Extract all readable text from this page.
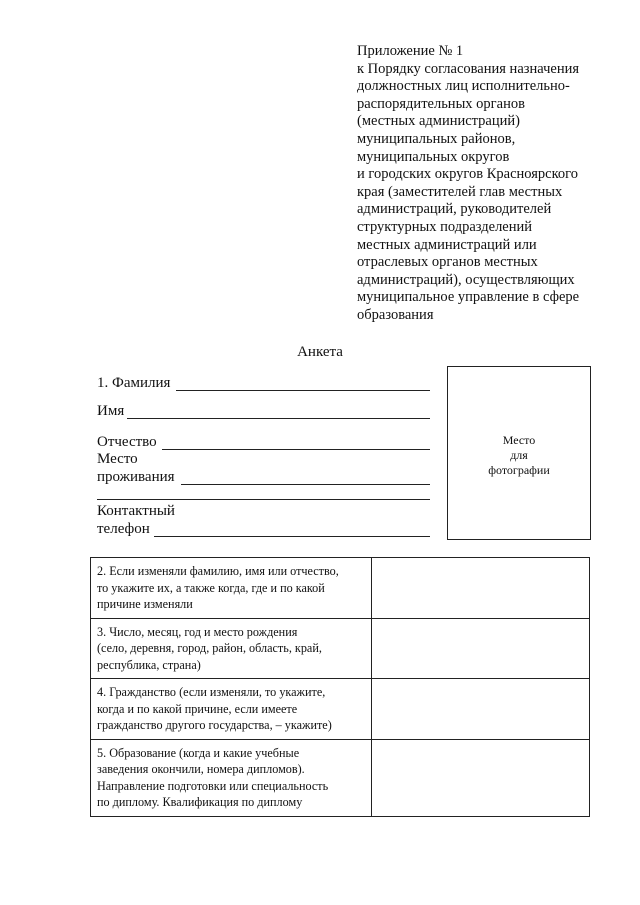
Приложение № 1
к Порядку согласования назначения
должностных лиц исполнительно-
распорядительных органов
(местных администраций)
муниципальных районов,
муниципальных округов
и городских округов Красноярского
края (заместителей глав местных
администраций, руководителей
структурных подразделений
местных администраций или
отраслевых органов местных
администраций), осуществляющих
муниципальное управление в сфере
образования
Анкета
1. Фамилия
Имя
Отчество
Место
проживания
Контактный
телефон
Место
для
фотографии
2. Если изменяли фамилию, имя или отчество,
то укажите их, а также когда, где и по какой
причине изменяли	

3. Число, месяц, год и место рождения
(село, деревня, город, район, область, край,
республика, страна)	

4. Гражданство (если изменяли, то укажите,
когда и по какой причине, если имеете
гражданство другого государства, – укажите)	

5. Образование (когда и какие учебные
заведения окончили, номера дипломов).
Направление подготовки или специальность
по диплому. Квалификация по диплому	
